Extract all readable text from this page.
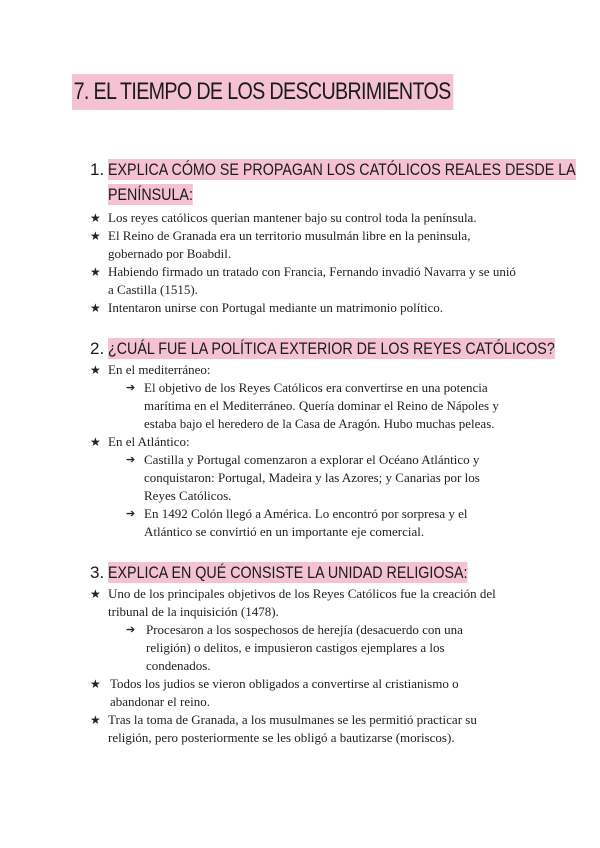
7. EL TIEMPO DE LOS DESCUBRIMIENTOS
1. EXPLICA CÓMO SE PROPAGAN LOS CATÓLICOS REALES DESDE LA PENÍNSULA:
★ Los reyes católicos querian mantener bajo su control toda la península.
★ El Reino de Granada era un territorio musulmán libre en la peninsula, gobernado por Boabdil.
★ Habiendo firmado un tratado con Francia, Fernando invadió Navarra y se unió a Castilla (1515).
★ Intentaron unirse con Portugal mediante un matrimonio político.
2. ¿CUÁL FUE LA POLÍTICA EXTERIOR DE LOS REYES CATÓLICOS?
★ En el mediterráneo:
➔ El objetivo de los Reyes Católicos era convertirse en una potencia marítima en el Mediterráneo. Quería dominar el Reino de Nápoles y estaba bajo el heredero de la Casa de Aragón. Hubo muchas peleas.
★ En el Atlántico:
➔ Castilla y Portugal comenzaron a explorar el Océano Atlántico y conquistaron: Portugal, Madeira y las Azores; y Canarias por los Reyes Católicos.
➔ En 1492 Colón llegó a América. Lo encontró por sorpresa y el Atlántico se convirtió en un importante eje comercial.
3. EXPLICA EN QUÉ CONSISTE LA UNIDAD RELIGIOSA:
★ Uno de los principales objetivos de los Reyes Católicos fue la creación del tribunal de la inquisición (1478).
➔ Procesaron a los sospechosos de herejía (desacuerdo con una religión) o delitos, e impusieron castigos ejemplares a los condenados.
★ Todos los judios se vieron obligados a convertirse al cristianismo o abandonar el reino.
★ Tras la toma de Granada, a los musulmanes se les permitió practicar su religión, pero posteriormente se les obligó a bautizarse (moriscos).
